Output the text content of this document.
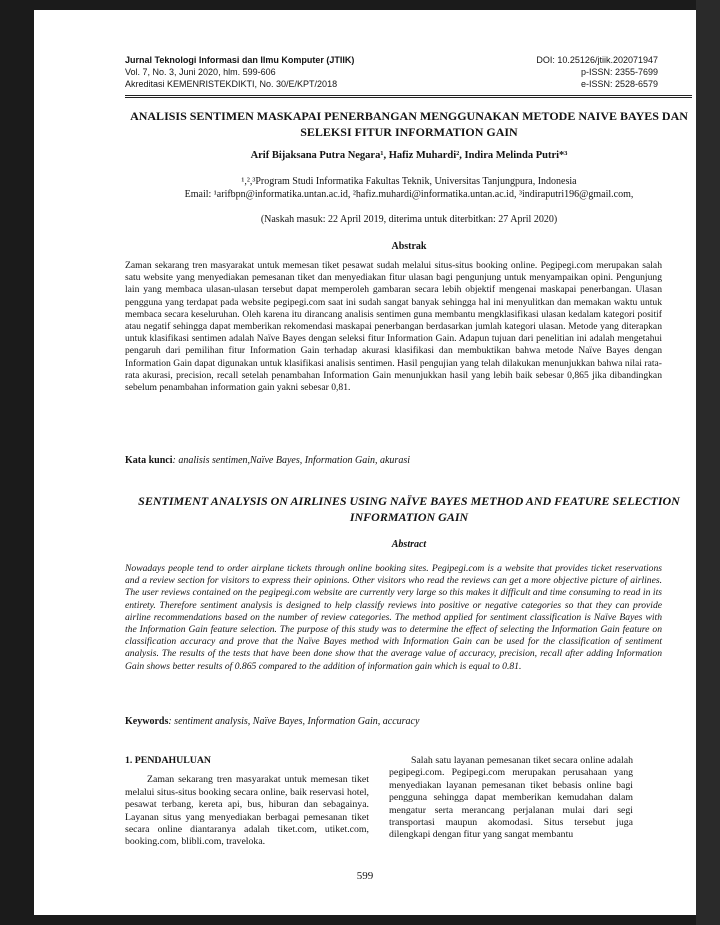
Jurnal Teknologi Informasi dan Ilmu Komputer (JTIIK)
Vol. 7, No. 3, Juni 2020, hlm. 599-606
Akreditasi KEMENRISTEKDIKTI, No. 30/E/KPT/2018
DOI: 10.25126/jtiik.202071947
p-ISSN: 2355-7699
e-ISSN: 2528-6579
ANALISIS SENTIMEN MASKAPAI PENERBANGAN MENGGUNAKAN METODE NAIVE BAYES DAN SELEKSI FITUR INFORMATION GAIN
Arif Bijaksana Putra Negara¹, Hafiz Muhardi², Indira Melinda Putri*³
¹,²,³Program Studi Informatika Fakultas Teknik, Universitas Tanjungpura, Indonesia
Email: ¹arifbpn@informatika.untan.ac.id, ²hafiz.muhardi@informatika.untan.ac.id, ³indiraputri196@gmail.com,
(Naskah masuk: 22 April 2019, diterima untuk diterbitkan: 27 April 2020)
Abstrak
Zaman sekarang tren masyarakat untuk memesan tiket pesawat sudah melalui situs-situs booking online. Pegipegi.com merupakan salah satu website yang menyediakan pemesanan tiket dan menyediakan fitur ulasan bagi pengunjung untuk menyampaikan opini. Pengunjung lain yang membaca ulasan-ulasan tersebut dapat memperoleh gambaran secara lebih objektif mengenai maskapai penerbangan. Ulasan pengguna yang terdapat pada website pegipegi.com saat ini sudah sangat banyak sehingga hal ini menyulitkan dan memakan waktu untuk membaca secara keseluruhan. Oleh karena itu dirancang analisis sentimen guna membantu mengklasifikasi ulasan kedalam kategori positif atau negatif sehingga dapat memberikan rekomendasi maskapai penerbangan berdasarkan jumlah kategori ulasan. Metode yang diterapkan untuk klasifikasi sentimen adalah Naïve Bayes dengan seleksi fitur Information Gain. Adapun tujuan dari penelitian ini adalah mengetahui pengaruh dari pemilihan fitur Information Gain terhadap akurasi klasifikasi dan membuktikan bahwa metode Naïve Bayes dengan Information Gain dapat digunakan untuk klasifikasi analisis sentimen. Hasil pengujian yang telah dilakukan menunjukkan bahwa nilai rata-rata akurasi, precision, recall setelah penambahan Information Gain menunjukkan hasil yang lebih baik sebesar 0,865 jika dibandingkan sebelum penambahan information gain yakni sebesar 0,81.
Kata kunci: analisis sentimen,Naïve Bayes, Information Gain, akurasi
SENTIMENT ANALYSIS ON AIRLINES USING NAÏVE BAYES METHOD AND FEATURE SELECTION INFORMATION GAIN
Abstract
Nowadays people tend to order airplane tickets through online booking sites. Pegipegi.com is a website that provides ticket reservations and a review section for visitors to express their opinions. Other visitors who read the reviews can get a more objective picture of airlines. The user reviews contained on the pegipegi.com website are currently very large so this makes it difficult and time consuming to read in its entirety. Therefore sentiment analysis is designed to help classify reviews into positive or negative categories so that they can provide airline recommendations based on the number of review categories. The method applied for sentiment classification is Naïve Bayes with the Information Gain feature selection. The purpose of this study was to determine the effect of selecting the Information Gain feature on classification accuracy and prove that the Naïve Bayes method with Information Gain can be used for the classification of sentiment analysis. The results of the tests that have been done show that the average value of accuracy, precision, recall after adding Information Gain shows better results of 0.865 compared to the addition of information gain which is equal to 0.81.
Keywords: sentiment analysis, Naïve Bayes, Information Gain, accuracy
1. PENDAHULUAN
Zaman sekarang tren masyarakat untuk memesan tiket melalui situs-situs booking secara online, baik reservasi hotel, pesawat terbang, kereta api, bus, hiburan dan sebagainya. Layanan situs yang menyediakan berbagai pemesanan tiket secara online diantaranya adalah tiket.com, utiket.com, booking.com, blibli.com, traveloka.
Salah satu layanan pemesanan tiket secara online adalah pegipegi.com. Pegipegi.com merupakan perusahaan yang menyediakan layanan pemesanan tiket bebasis online bagi pengguna sehingga dapat memberikan kemudahan dalam mengatur serta merancang perjalanan mulai dari segi transportasi maupun akomodasi. Situs tersebut juga dilengkapi dengan fitur yang sangat membantu
599
